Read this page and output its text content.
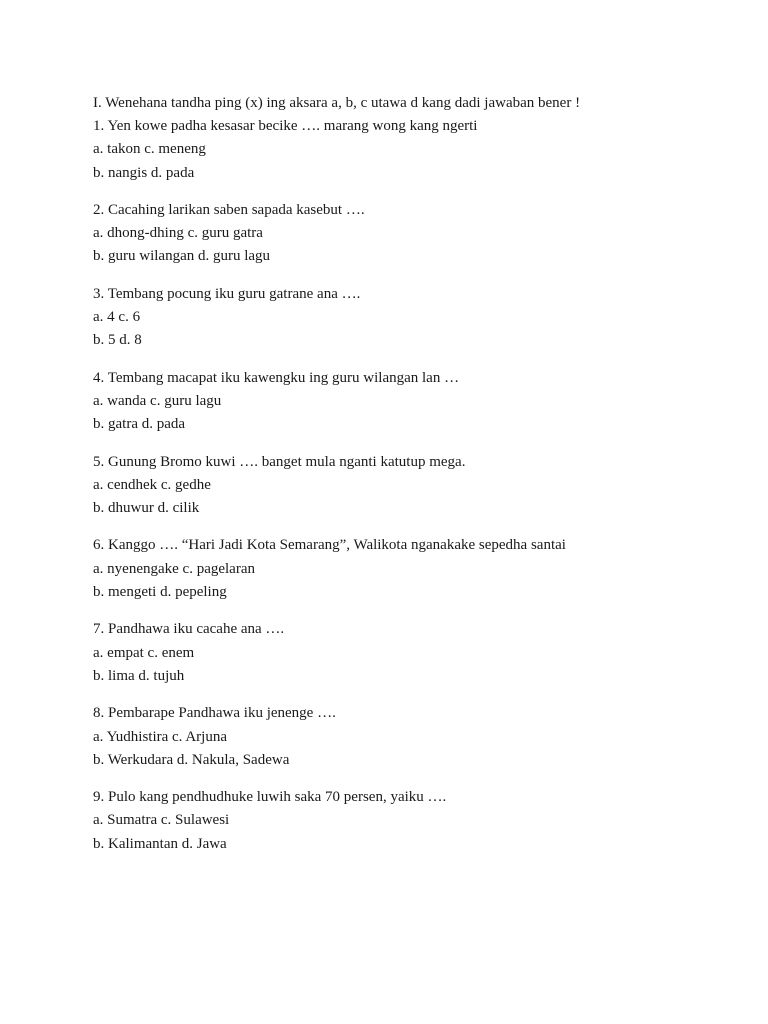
I. Wenehana tandha ping (x) ing aksara a, b, c utawa d kang dadi jawaban bener !
1. Yen kowe padha kesasar becike …. marang wong kang ngerti
a. takon c. meneng
b. nangis d. pada
2. Cacahing larikan saben sapada kasebut ….
a. dhong-dhing c. guru gatra
b. guru wilangan d. guru lagu
3. Tembang pocung iku guru gatrane ana ….
a. 4 c. 6
b. 5 d. 8
4. Tembang macapat iku kawengku ing guru wilangan lan …
a. wanda c. guru lagu
b. gatra d. pada
5. Gunung Bromo kuwi …. banget mula nganti katutup mega.
a. cendhek c. gedhe
b. dhuwur d. cilik
6. Kanggo …. “Hari Jadi Kota Semarang”, Walikota nganakake sepedha santai
a. nyenengake c. pagelaran
b. mengeti d. pepeling
7. Pandhawa iku cacahe ana ….
a. empat c. enem
b. lima d. tujuh
8. Pembarape Pandhawa iku jenenge ….
a. Yudhistira c. Arjuna
b. Werkudara d. Nakula, Sadewa
9. Pulo kang pendhudhuke luwih saka 70 persen, yaiku ….
a. Sumatra c. Sulawesi
b. Kalimantan d. Jawa
